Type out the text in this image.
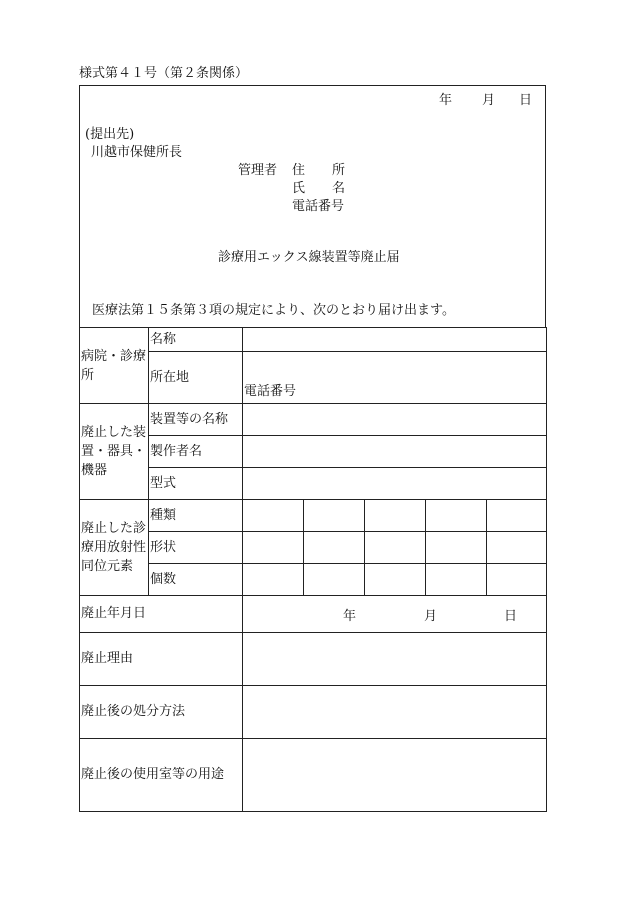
様式第４１号（第２条関係）
年 月 日
(提出先)
川越市保健所長
管理者 住 所
氏 名
電話番号
診療用エックス線装置等廃止届
医療法第１５条第３項の規定により、次のとおり届け出ます。
病院・診療
所	名称					
	所在地	電話番号				

廃止した装
置・器具・
機器	装置等の名称					
	製作者名					
	型式					

廃止した診
療用放射性
同位元素	種類					
	形状					
	個数					
廃止年月日		年 月 日				

廃止理由						
廃止後の処分方法						
廃止後の使用室等の用途						
